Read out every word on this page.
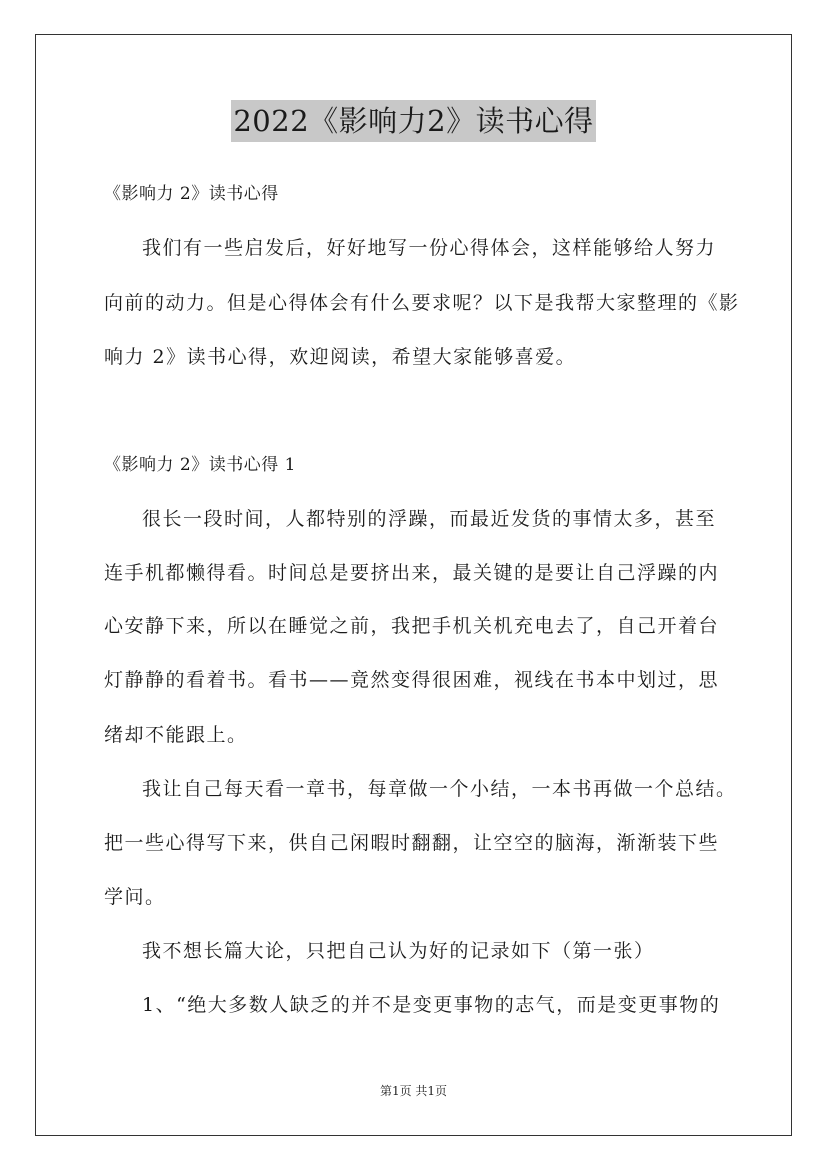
2022《影响力2》读书心得
《影响力 2》读书心得
我们有一些启发后，好好地写一份心得体会，这样能够给人努力
向前的动力。但是心得体会有什么要求呢？以下是我帮大家整理的《影
响力 2》读书心得，欢迎阅读，希望大家能够喜爱。
《影响力 2》读书心得 1
很长一段时间，人都特别的浮躁，而最近发货的事情太多，甚至
连手机都懒得看。时间总是要挤出来，最关键的是要让自己浮躁的内
心安静下来，所以在睡觉之前，我把手机关机充电去了，自己开着台
灯静静的看着书。看书——竟然变得很困难，视线在书本中划过，思
绪却不能跟上。
我让自己每天看一章书，每章做一个小结，一本书再做一个总结。
把一些心得写下来，供自己闲暇时翻翻，让空空的脑海，渐渐装下些
学问。
我不想长篇大论，只把自己认为好的记录如下（第一张）
1、“绝大多数人缺乏的并不是变更事物的志气，而是变更事物的
第1页 共1页
